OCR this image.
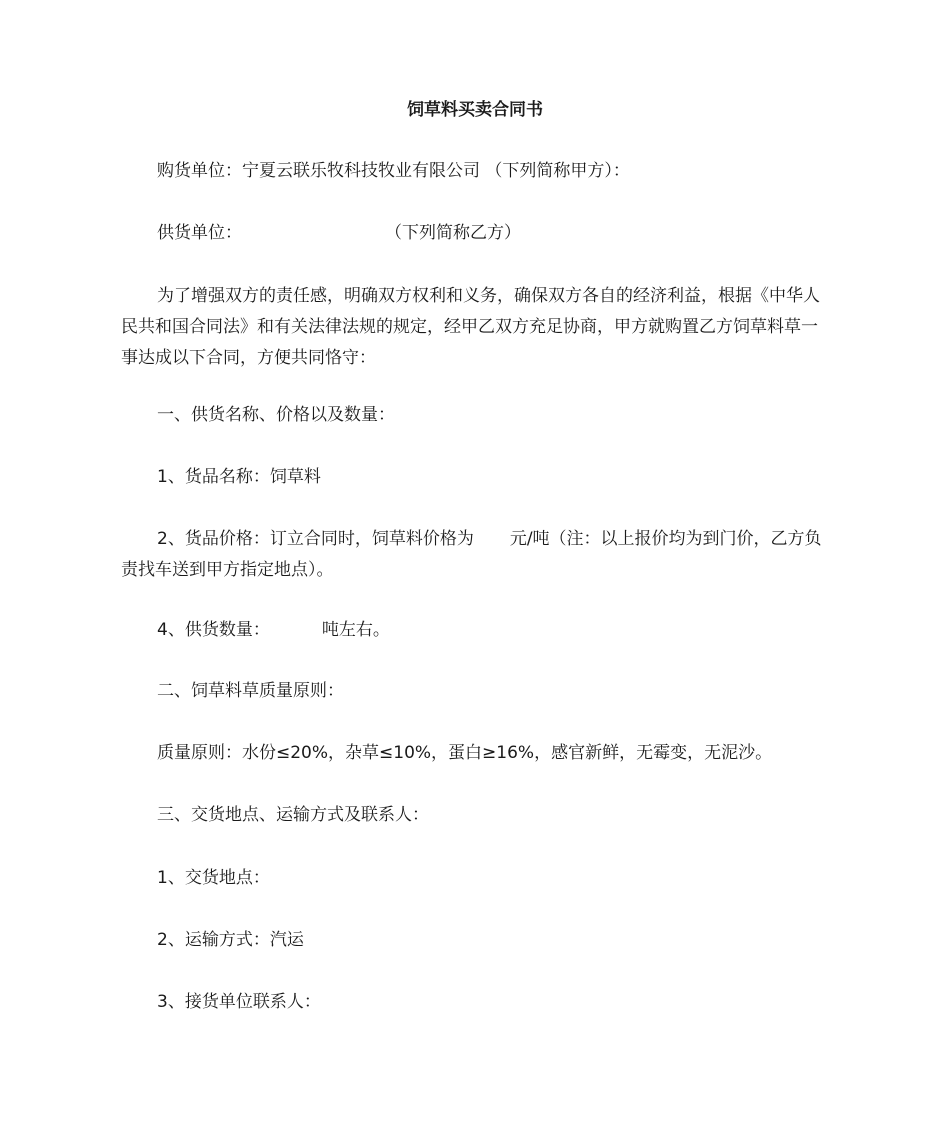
饲草料买卖合同书
购货单位：宁夏云联乐牧科技牧业有限公司 （下列简称甲方）：
供货单位：	（下列简称乙方）
为了增强双方的责任感，明确双方权利和义务，确保双方各自的经济利益，根据《中华人民共和国合同法》和有关法律法规的规定，经甲乙双方充足协商，甲方就购置乙方饲草料草一事达成以下合同，方便共同恪守：
一、供货名称、价格以及数量：
1、货品名称：饲草料
2、货品价格：订立合同时，饲草料价格为 元/吨（注：以上报价均为到门价，乙方负责找车送到甲方指定地点）。
4、供货数量：	吨左右。
二、饲草料草质量原则：
质量原则：水份≤20%，杂草≤10%，蛋白≥16%，感官新鲜，无霉变，无泥沙。
三、交货地点、运输方式及联系人：
1、交货地点：
2、运输方式：汽运
3、接货单位联系人：
